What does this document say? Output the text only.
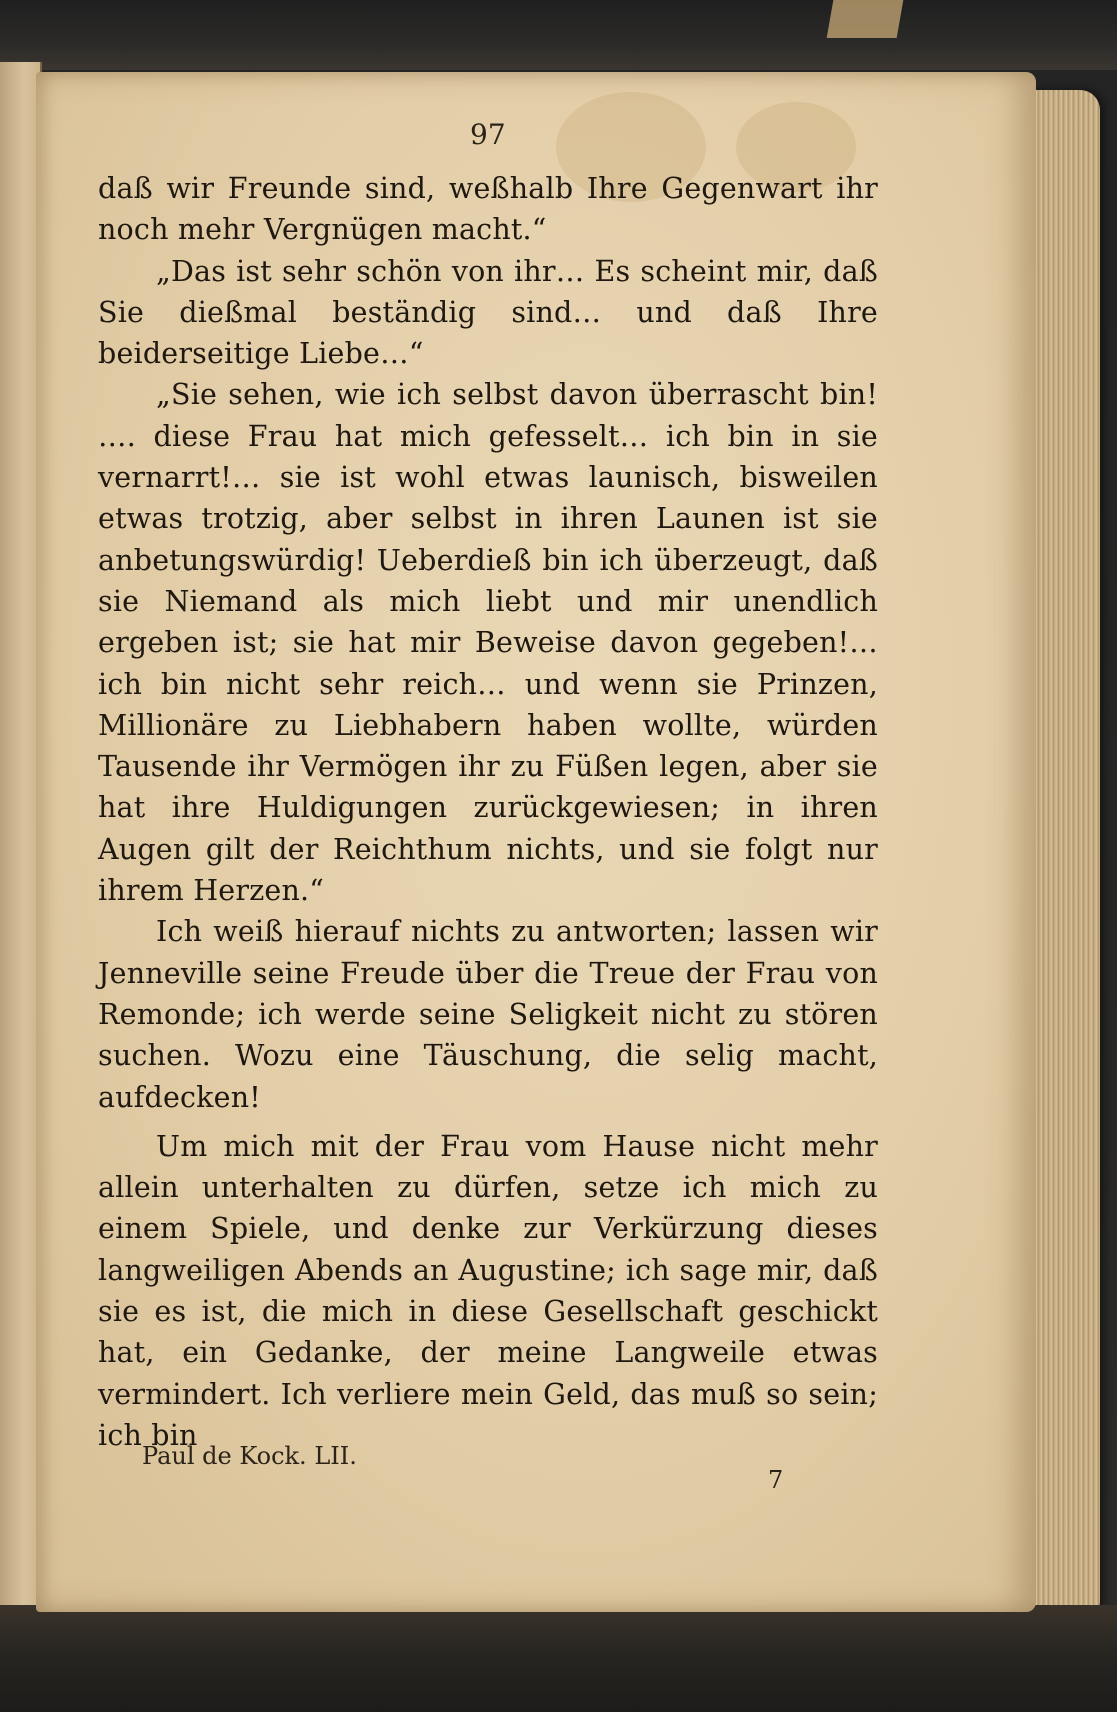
97

daß wir Freunde sind, weßhalb Ihre Gegenwart ihr noch mehr Vergnügen macht.“

„Das ist sehr schön von ihr… Es scheint mir, daß Sie dießmal beständig sind… und daß Ihre beiderseitige Liebe…“

„Sie sehen, wie ich selbst davon überrascht bin! …. diese Frau hat mich gefesselt… ich bin in sie vernarrt!… sie ist wohl etwas launisch, bisweilen etwas trotzig, aber selbst in ihren Launen ist sie anbetungswürdig! Ueberdieß bin ich überzeugt, daß sie Niemand als mich liebt und mir unendlich ergeben ist; sie hat mir Beweise davon gegeben!… ich bin nicht sehr reich… und wenn sie Prinzen, Millionäre zu Liebhabern haben wollte, würden Tausende ihr Vermögen ihr zu Füßen legen, aber sie hat ihre Huldigungen zurückgewiesen; in ihren Augen gilt der Reichthum nichts, und sie folgt nur ihrem Herzen.“

Ich weiß hierauf nichts zu antworten; lassen wir Jenneville seine Freude über die Treue der Frau von Remonde; ich werde seine Seligkeit nicht zu stören suchen. Wozu eine Täuschung, die selig macht, aufdecken!

Um mich mit der Frau vom Hause nicht mehr allein unterhalten zu dürfen, setze ich mich zu einem Spiele, und denke zur Verkürzung dieses langweiligen Abends an Augustine; ich sage mir, daß sie es ist, die mich in diese Gesellschaft geschickt hat, ein Gedanke, der meine Langweile etwas vermindert. Ich verliere mein Geld, das muß so sein; ich bin

Paul de Kock. LII.
7
